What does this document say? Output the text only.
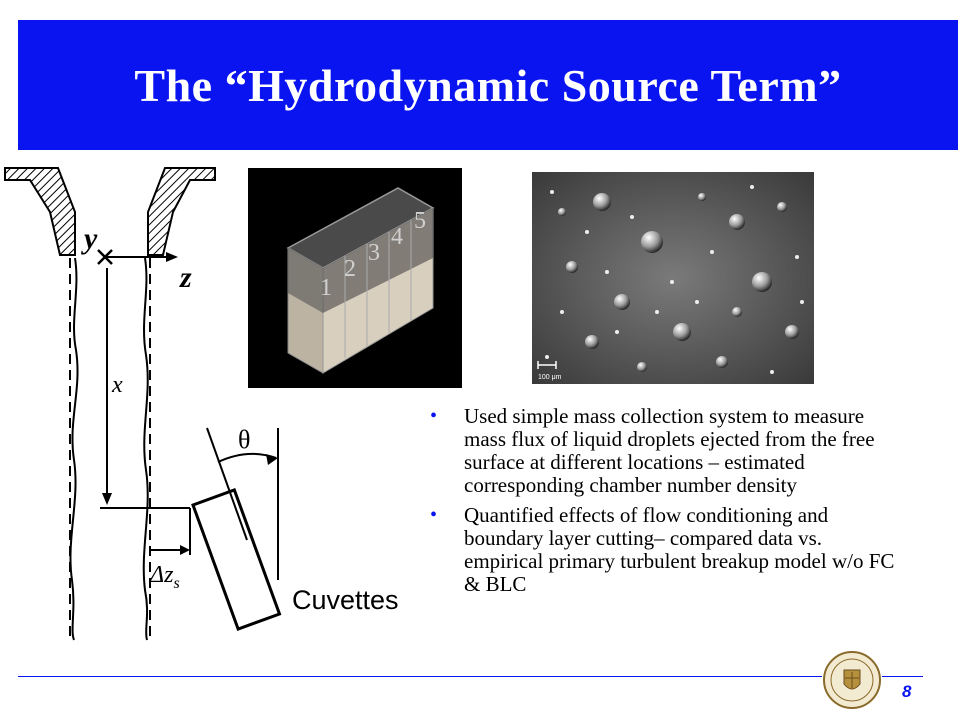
The “Hydrodynamic Source Term”
y
z
x
$\Delta z_s$
θ
Cuvettes
1
2
3
4
5
100 μm
• Used simple mass collection system to measure mass flux of liquid droplets ejected from the free surface at different locations – estimated corresponding chamber number density
• Quantified effects of flow conditioning and boundary layer cutting– compared data vs. empirical primary turbulent breakup model w/o FC & BLC
8
